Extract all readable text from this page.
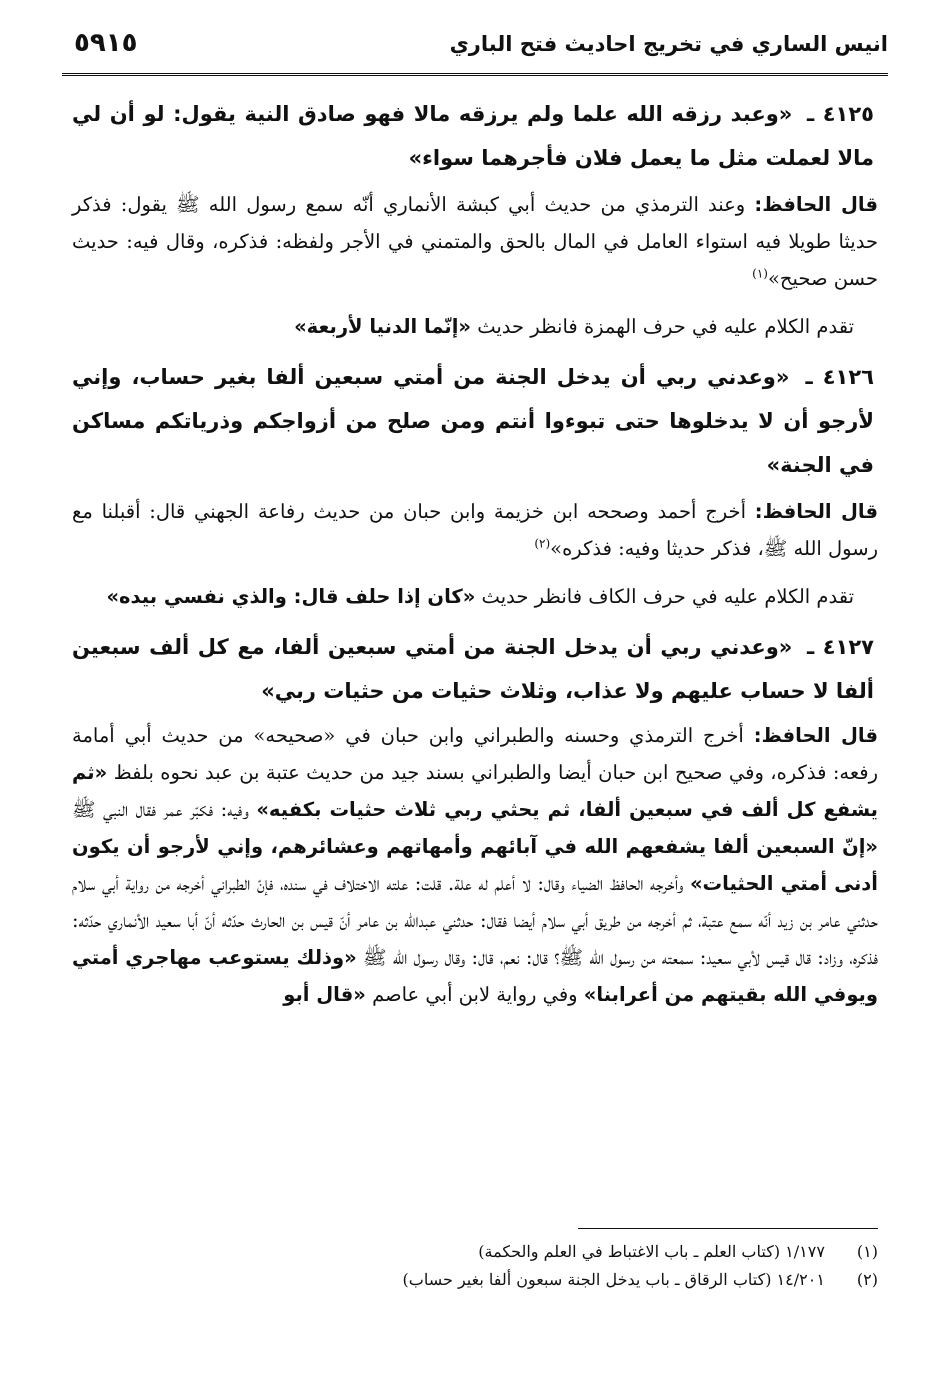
انيس الساري في تخريج احاديث فتح الباري
٥٩١٥

٤١٢٥ ـ «وعبد رزقه الله علما ولم يرزقه مالا فهو صادق النية يقول: لو أن لي مالا لعملت مثل ما يعمل فلان فأجرهما سواء»

قال الحافظ: وعند الترمذي من حديث أبي كبشة الأنماري أنّه سمع رسول الله ﷺ يقول: فذكر حديثا طويلا فيه استواء العامل في المال بالحق والمتمني في الأجر ولفظه: فذكره، وقال فيه: حديث حسن صحيح»$^{(١)}$

تقدم الكلام عليه في حرف الهمزة فانظر حديث «إنّما الدنيا لأربعة»

٤١٢٦ ـ «وعدني ربي أن يدخل الجنة من أمتي سبعين ألفا بغير حساب، وإني لأرجو أن لا يدخلوها حتى تبوءوا أنتم ومن صلح من أزواجكم وذرياتكم مساكن في الجنة»

قال الحافظ: أخرج أحمد وصححه ابن خزيمة وابن حبان من حديث رفاعة الجهني قال: أقبلنا مع رسول الله ﷺ، فذكر حديثا وفيه: فذكره»$^{(٢)}$

تقدم الكلام عليه في حرف الكاف فانظر حديث «كان إذا حلف قال: والذي نفسي بيده»

٤١٢٧ ـ «وعدني ربي أن يدخل الجنة من أمتي سبعين ألفا، مع كل ألف سبعين ألفا لا حساب عليهم ولا عذاب، وثلاث حثيات من حثيات ربي»

قال الحافظ: أخرج الترمذي وحسنه والطبراني وابن حبان في «صحيحه» من حديث أبي أمامة رفعه: فذكره، وفي صحيح ابن حبان أيضا والطبراني بسند جيد من حديث عتبة بن عبد نحوه بلفظ «ثم يشفع كل ألف في سبعين ألفا، ثم يحثي ربي ثلاث حثيات بكفيه» وفيه: فكبّر عمر فقال النبي ﷺ «إنّ السبعين ألفا يشفعهم الله في آبائهم وأمهاتهم وعشائرهم، وإني لأرجو أن يكون أدنى أمتي الحثيات» وأخرجه الحافظ الضياء وقال: لا أعلم له علة. قلت: علته الاختلاف في سنده، فإنّ الطبراني أخرجه من رواية أبي سلام حدثني عامر بن زيد أنّه سمع عتبة، ثم أخرجه من طريق أبي سلام أيضا فقال: حدثني عبدالله بن عامر أنّ قيس بن الحارث حدّثه أنّ أبا سعيد الأنماري حدّثه: فذكره، وزاد: قال قيس لأبي سعيد: سمعته من رسول الله ﷺ؟ قال: نعم، قال: وقال رسول الله ﷺ «وذلك يستوعب مهاجري أمتي ويوفي الله بقيتهم من أعرابنا» وفي رواية لابن أبي عاصم «قال أبو

(١) ١/١٧٧ (كتاب العلم ـ باب الاغتباط في العلم والحكمة)
(٢) ١٤/٢٠١ (كتاب الرقاق ـ باب يدخل الجنة سبعون ألفا بغير حساب)
